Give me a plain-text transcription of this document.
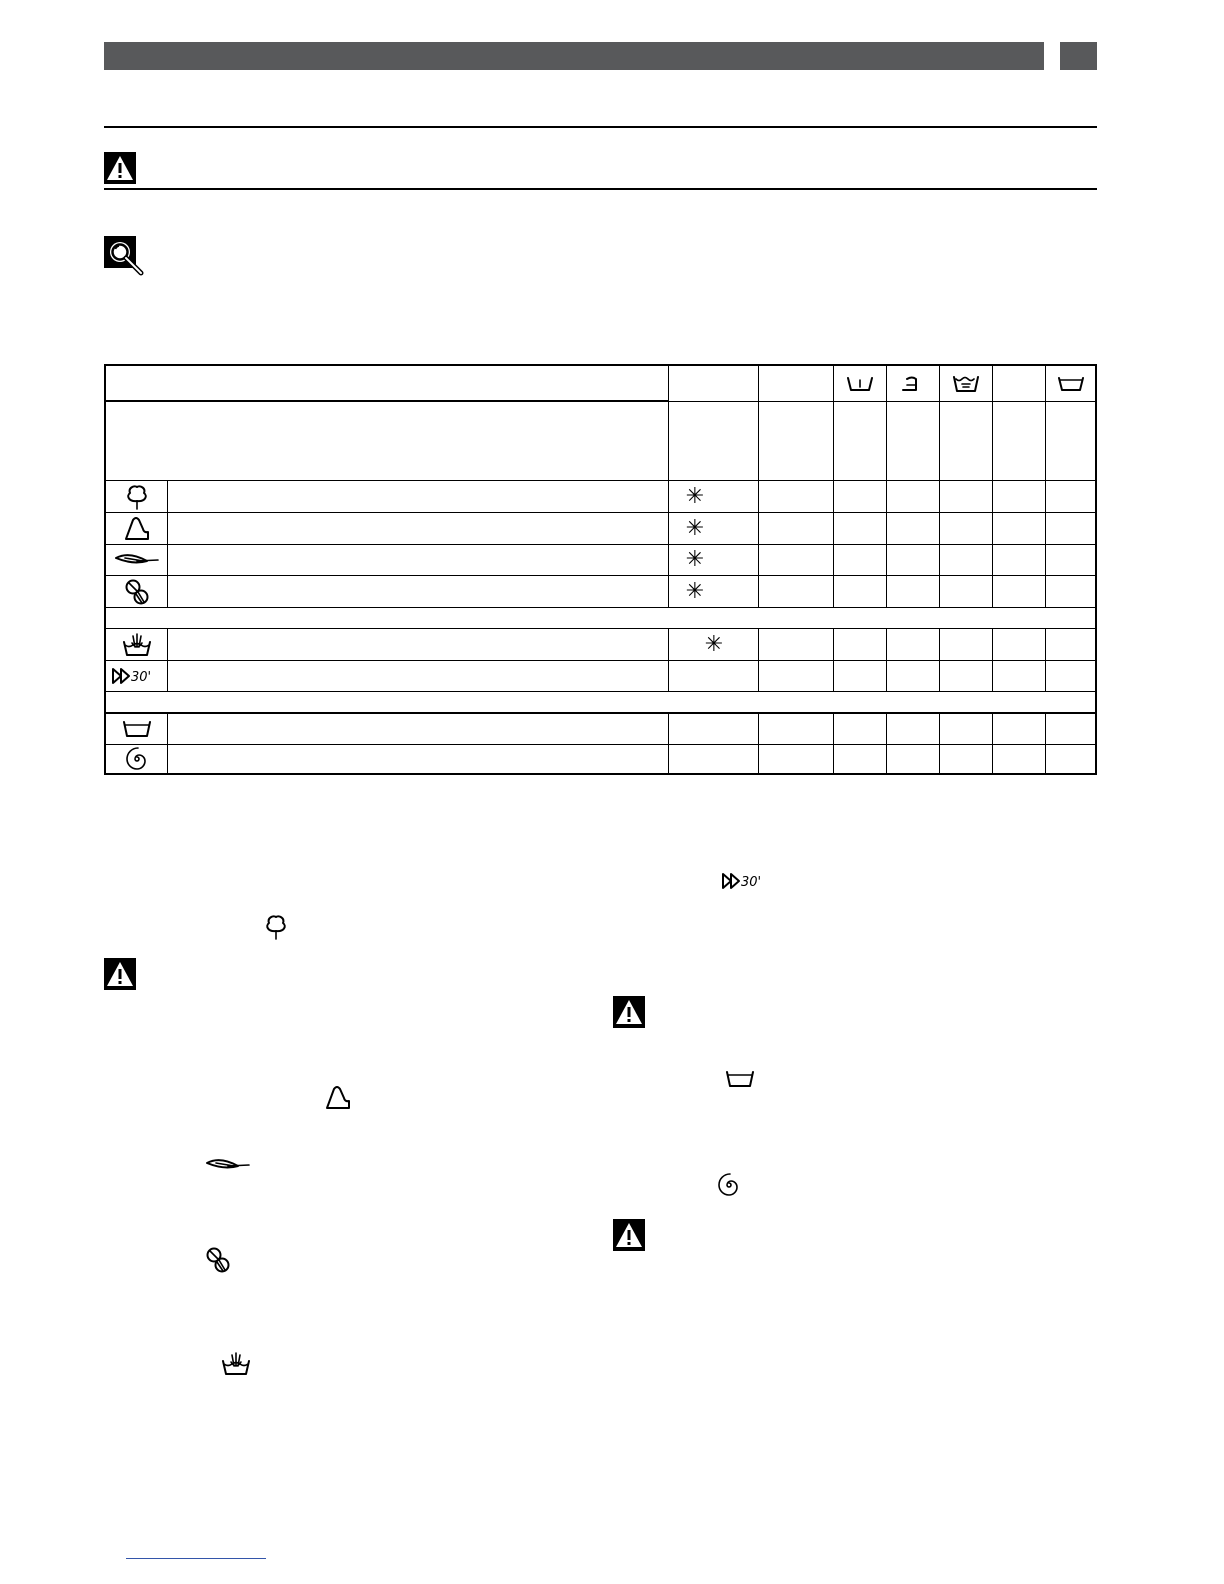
30'
✳
✳
✳
✳
✳
30'
